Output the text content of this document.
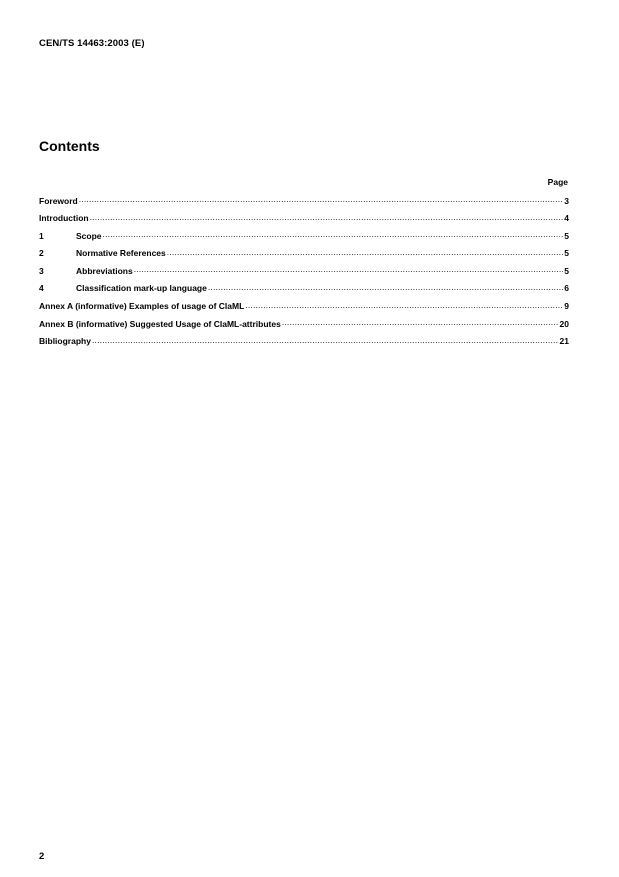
CEN/TS 14463:2003 (E)
Contents
Page
Foreword .....	3
Introduction .....	4
1	Scope .....	5
2	Normative References .....	5
3	Abbreviations .....	5
4	Classification mark-up language .....	6
Annex A (informative) Examples of usage of ClaML .....	9
Annex B (informative) Suggested Usage of ClaML-attributes .....	20
Bibliography .....	21
2
